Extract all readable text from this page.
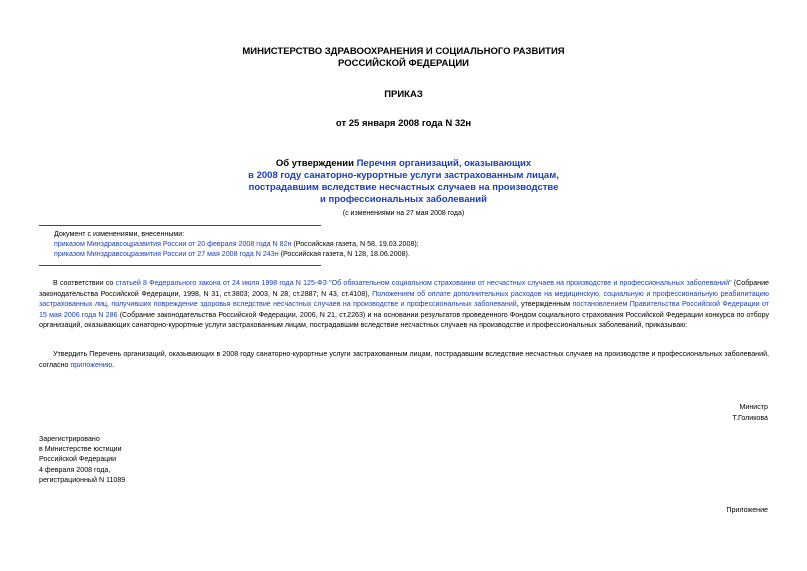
МИНИСТЕРСТВО ЗДРАВООХРАНЕНИЯ И СОЦИАЛЬНОГО РАЗВИТИЯ
РОССИЙСКОЙ ФЕДЕРАЦИИ
ПРИКАЗ
от 25 января 2008 года N 32н
Об утверждении Перечня организаций, оказывающих
в 2008 году санаторно-курортные услуги застрахованным лицам,
пострадавшим вследствие несчастных случаев на производстве
и профессиональных заболеваний
(с изменениями на 27 мая 2008 года)
Документ с изменениями, внесенными:
приказом Минздравсоцразвития России от 20 февраля 2008 года N 82н (Российская газета, N 58, 19.03.2008);
приказом Минздравсоцразвития России от 27 мая 2008 года N 243н (Российская газета, N 128, 18.06.2008).
В соответствии со статьей 8 Федерального закона от 24 июля 1998 года N 125-ФЗ "Об обязательном социальном страховании от несчастных случаев на производстве и профессиональных заболеваний" (Собрание законодательства Российской Федерации, 1998, N 31, ст.3803; 2003, N 28, ст.2887; N 43, ст.4108), Положением об оплате дополнительных расходов на медицинскую, социальную и профессиональную реабилитацию застрахованных лиц, получивших повреждение здоровья вследствие несчастных случаев на производстве и профессиональных заболеваний, утвержденным постановлением Правительства Российской Федерации от 15 мая 2006 года N 286 (Собрание законодательства Российской Федерации, 2006, N 21, ст.2263) и на основании результатов проведенного Фондом социального страхования Российской Федерации конкурса по отбору организаций, оказывающих санаторно-курортные услуги застрахованным лицам, пострадавшим вследствие несчастных случаев на производстве и профессиональных заболеваний, приказываю:
Утвердить Перечень организаций, оказывающих в 2008 году санаторно-курортные услуги застрахованным лицам, пострадавшим вследствие несчастных случаев на производстве и профессиональных заболеваний, согласно приложению.
Министр
Т.Голикова
Зарегистрировано
в Министерстве юстиции
Российской Федерации
4 февраля 2008 года,
регистрационный N 11089
Приложение
